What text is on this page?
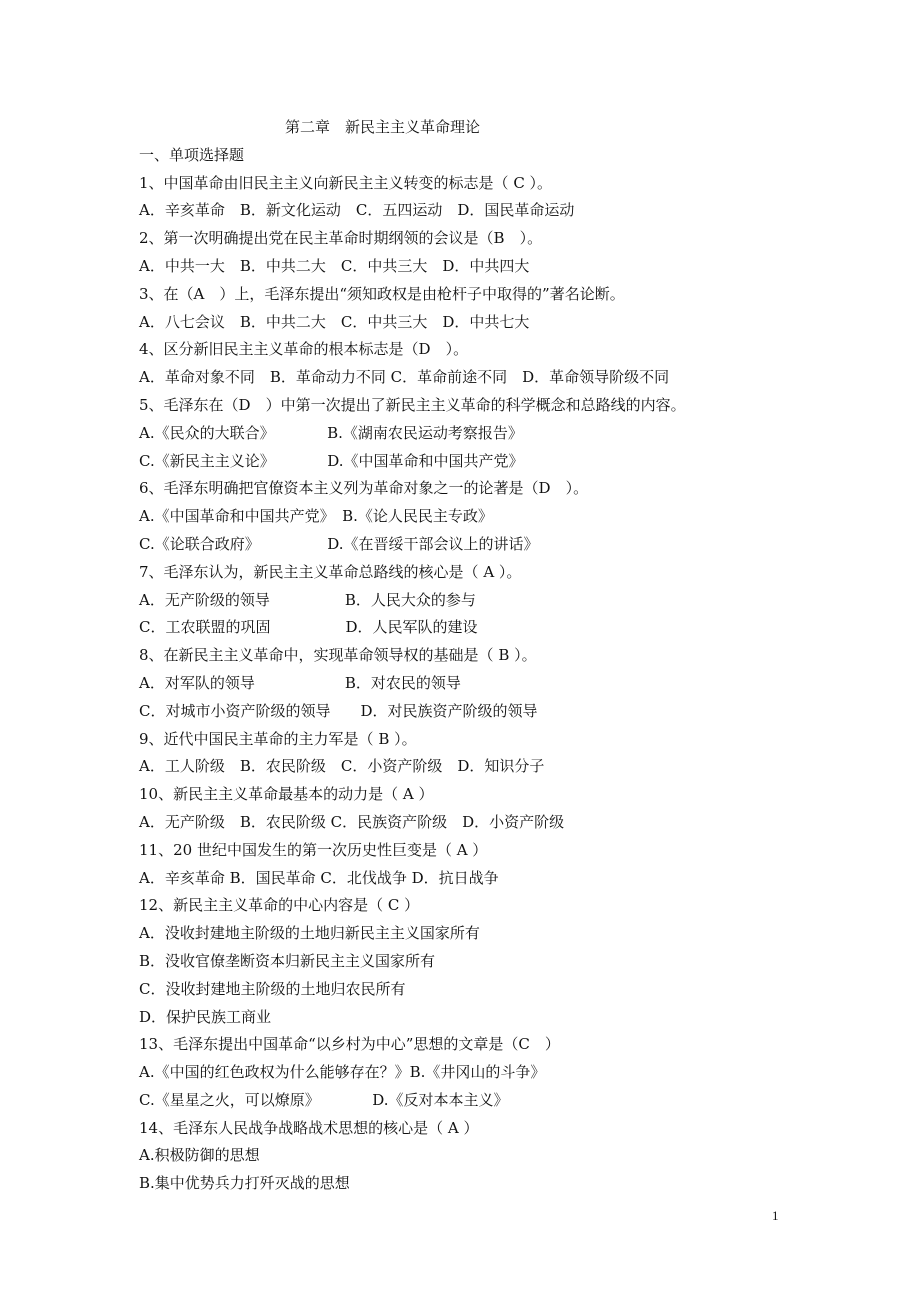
第二章　新民主主义革命理论
一、单项选择题
1、中国革命由旧民主主义向新民主主义转变的标志是（ C ）。
A．辛亥革命　B．新文化运动　C．五四运动　D．国民革命运动
2、第一次明确提出党在民主革命时期纲领的会议是（B　）。
A．中共一大　B．中共二大　C．中共三大　D．中共四大
3、在（A　）上，毛泽东提出“须知政权是由枪杆子中取得的”著名论断。
A．八七会议　B．中共二大　C．中共三大　D．中共七大
4、区分新旧民主主义革命的根本标志是（D　）。
A．革命对象不同　B．革命动力不同 C．革命前途不同　D．革命领导阶级不同
5、毛泽东在（D　）中第一次提出了新民主主义革命的科学概念和总路线的内容。
A.《民众的大联合》　　　　B.《湖南农民运动考察报告》
C.《新民主主义论》　　　　D.《中国革命和中国共产党》
6、毛泽东明确把官僚资本主义列为革命对象之一的论著是（D　）。
A.《中国革命和中国共产党》　B.《论人民民主专政》
C.《论联合政府》　　　　　D.《在晋绥干部会议上的讲话》
7、毛泽东认为，新民主主义革命总路线的核心是（ A ）。
A．无产阶级的领导　　　　　B．人民大众的参与
C．工农联盟的巩固　　　　　D．人民军队的建设
8、在新民主主义革命中，实现革命领导权的基础是（ B ）。
A．对军队的领导　　　　　　B．对农民的领导
C．对城市小资产阶级的领导　　D．对民族资产阶级的领导
9、近代中国民主革命的主力军是（ B ）。
A．工人阶级　B．农民阶级　C．小资产阶级　D．知识分子
10、新民主主义革命最基本的动力是（ A ）
A．无产阶级　B．农民阶级 C．民族资产阶级　D．小资产阶级
11、20 世纪中国发生的第一次历史性巨变是（ A ）
A．辛亥革命 B．国民革命 C．北伐战争 D．抗日战争
12、新民主主义革命的中心内容是（ C ）
A．没收封建地主阶级的土地归新民主主义国家所有
B．没收官僚垄断资本归新民主主义国家所有
C．没收封建地主阶级的土地归农民所有
D．保护民族工商业
13、毛泽东提出中国革命“以乡村为中心”思想的文章是（C　）
A.《中国的红色政权为什么能够存在？》B.《井冈山的斗争》
C.《星星之火，可以燎原》　　　　D.《反对本本主义》
14、毛泽东人民战争战略战术思想的核心是（ A ）
A.积极防御的思想
B.集中优势兵力打歼灭战的思想
1
